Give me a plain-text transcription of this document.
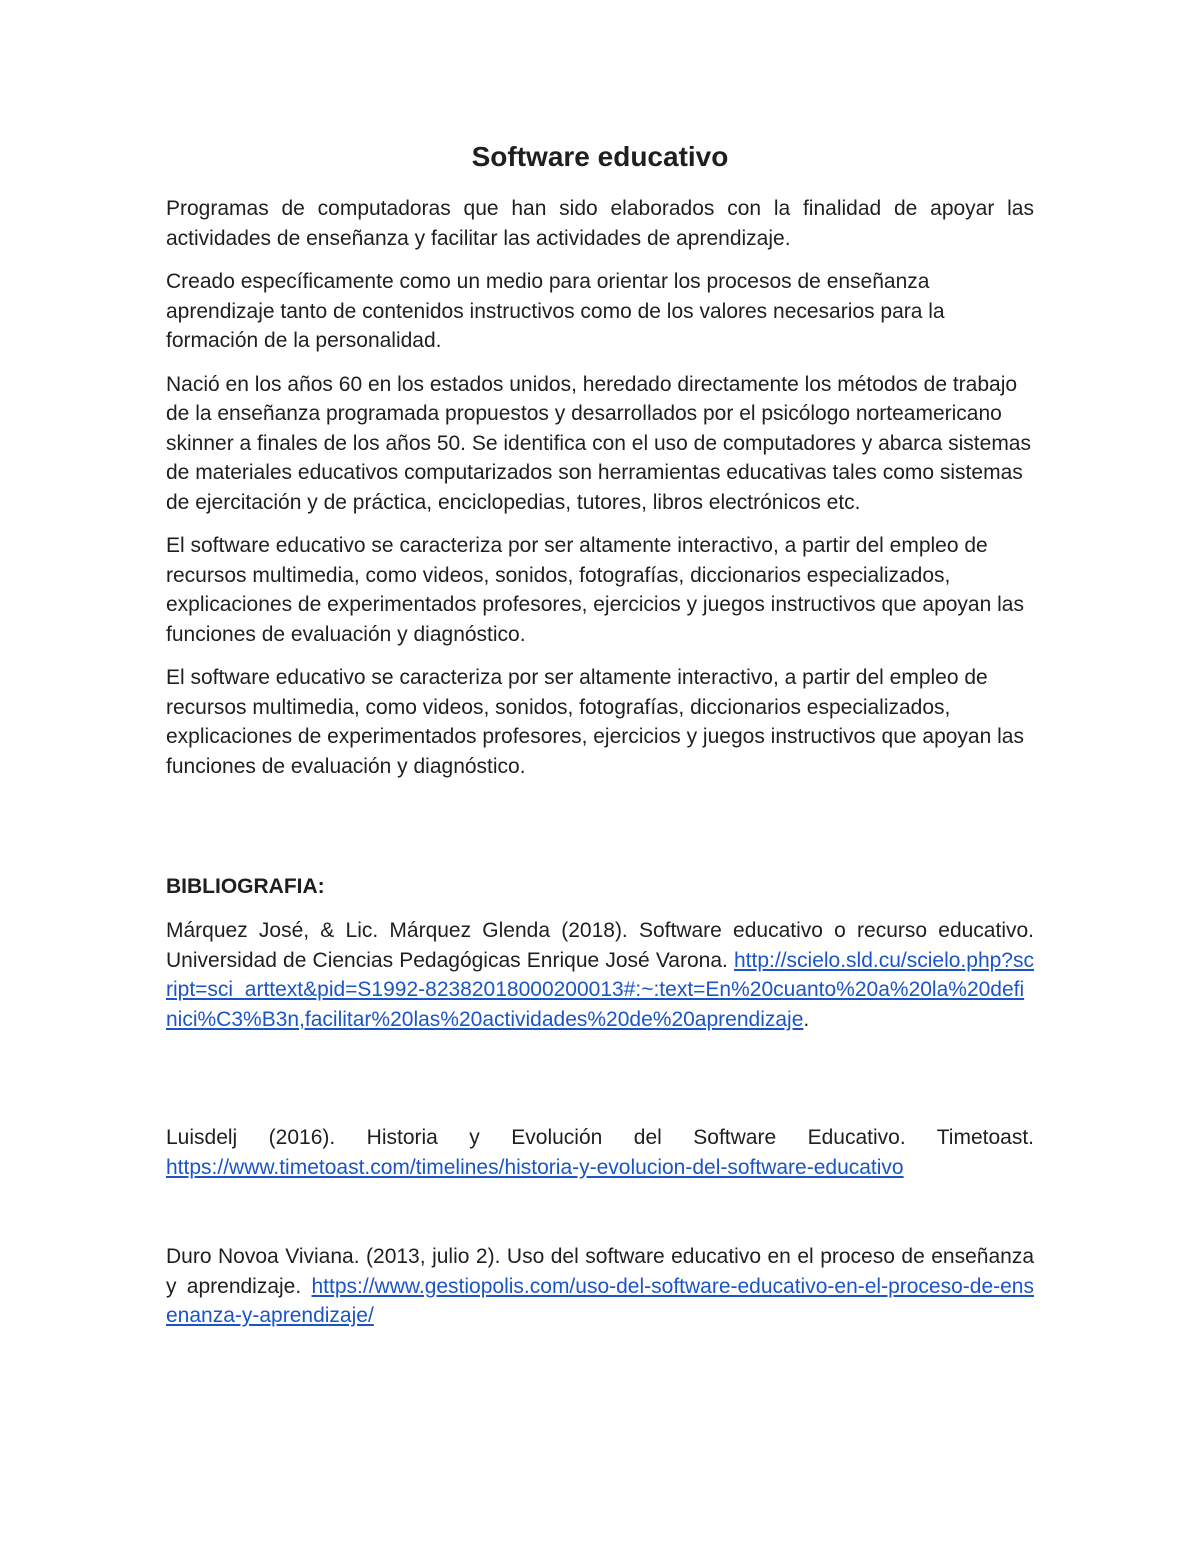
Software educativo

Programas de computadoras que han sido elaborados con la finalidad de apoyar las actividades de enseñanza y facilitar las actividades de aprendizaje.

Creado específicamente como un medio para orientar los procesos de enseñanza aprendizaje tanto de contenidos instructivos como de los valores necesarios para la formación de la personalidad.

Nació en los años 60 en los estados unidos, heredado directamente los métodos de trabajo de la enseñanza programada propuestos y desarrollados por el psicólogo norteamericano skinner a finales de los años 50. Se identifica con el uso de computadores y abarca sistemas de materiales educativos computarizados son herramientas educativas tales como sistemas de ejercitación y de práctica, enciclopedias, tutores, libros electrónicos etc.

El software educativo se caracteriza por ser altamente interactivo, a partir del empleo de recursos multimedia, como videos, sonidos, fotografías, diccionarios especializados, explicaciones de experimentados profesores, ejercicios y juegos instructivos que apoyan las funciones de evaluación y diagnóstico.

El software educativo se caracteriza por ser altamente interactivo, a partir del empleo de recursos multimedia, como videos, sonidos, fotografías, diccionarios especializados, explicaciones de experimentados profesores, ejercicios y juegos instructivos que apoyan las funciones de evaluación y diagnóstico.

BIBLIOGRAFIA:

Márquez José, & Lic. Márquez Glenda (2018). Software educativo o recurso educativo. Universidad de Ciencias Pedagógicas Enrique José Varona. http://scielo.sld.cu/scielo.php?script=sci_arttext&pid=S1992-82382018000200013#:~:text=En%20cuanto%20a%20la%20definici%C3%B3n,facilitar%20las%20actividades%20de%20aprendizaje.

Luisdelj (2016). Historia y Evolución del Software Educativo. Timetoast. https://www.timetoast.com/timelines/historia-y-evolucion-del-software-educativo

Duro Novoa Viviana. (2013, julio 2). Uso del software educativo en el proceso de enseñanza y aprendizaje. https://www.gestiopolis.com/uso-del-software-educativo-en-el-proceso-de-ensenanza-y-aprendizaje/
